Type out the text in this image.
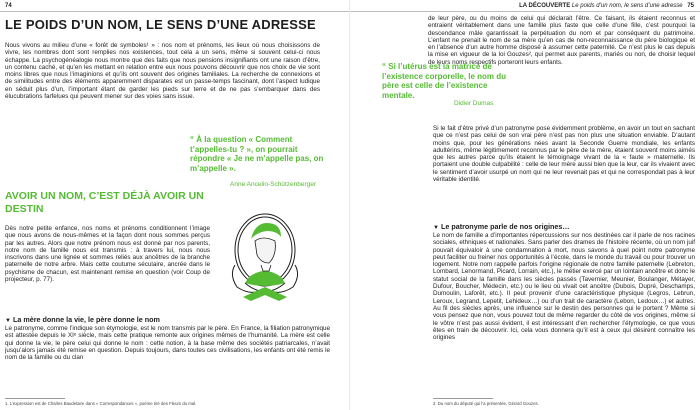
74
LE POIDS D’UN NOM, LE SENS D’UNE ADRESSE

Nous vivons au milieu d’une « forêt de symboles¹ » : nos nom et prénoms, les lieux où nous choisissons de vivre, les nombres dont sont remplies nos existences, tout cela a un sens, même si souvent celui-ci nous échappe. La psychogénéalogie nous montre que des faits que nous pensions insignifiants ont une raison d’être, un contenu caché, et qu’en les mettant en relation entre eux nous pouvons découvrir que nos choix de vie sont moins libres que nous l’imaginions et qu’ils ont souvent des origines familiales. La recherche de connexions et de similitudes entre des éléments apparemment disparates est un passe-temps fascinant, dont l’aspect ludique en séduit plus d’un, l’important étant de garder les pieds sur terre et de ne pas s’embarquer dans des élucubrations farfelues qui peuvent mener sur des voies sans issue.

“ À la question « Comment t’appelles-tu ? », on pourrait répondre « Je ne m’appelle pas, on m’appelle ».

Anne Ancelin-Schützenberger

AVOIR UN NOM, C’EST DÉJÀ AVOIR UN DESTIN

Dès notre petite enfance, nos noms et prénoms conditionnent l’image que nous avons de nous-mêmes et la façon dont nous sommes perçus par les autres. Alors que notre prénom nous est donné par nos parents, notre nom de famille nous est transmis : à travers lui, nous nous inscrivons dans une lignée et sommes reliés aux ancêtres de la branche paternelle de notre arbre. Mais cette coutume séculaire, ancrée dans le psychisme de chacun, est maintenant remise en question (voir Coup de projecteur, p. 77).

▼ La mère donne la vie, le père donne le nom

Le patronyme, comme l’indique son étymologie, est le nom transmis par le père. En France, la filiation patronymique est attestée depuis le XIᵉ siècle, mais cette pratique remonte aux origines mêmes de l’humanité. La mère est celle qui donne la vie, le père celui qui donne le nom : cette notion, à la base même des sociétés patriarcales, n’avait jusqu’alors jamais été remise en question. Depuis toujours, dans toutes ces civilisations, les enfants ont été remis le nom de la famille ou du clan

1. L’expression est de Charles Baudelaire dans « Correspondances », poème tiré des Fleurs du mal.

LA DÉCOUVERTE Le poids d’un nom, le sens d’une adresse 75

de leur père, ou du moins de celui qui déclarait l’être. Ce faisant, ils étaient reconnus et entraient véritablement dans une famille plus faste que celle d’une fille, c’est pourquoi la descendance mâle garantissait la perpétuation du nom et par conséquent du patrimoine. L’enfant ne prenait le nom de sa mère qu’en cas de non-reconnaissance du père biologique et en l’absence d’un autre homme disposé à assumer cette paternité. Ce n’est plus le cas depuis la mise en vigueur de la loi Gouzes², qui permet aux parents, mariés ou non, de choisir lequel de leurs noms respectifs porteront leurs enfants.

“ Si l’utérus est la matrice de l’existence corporelle, le nom du père est celle de l’existence mentale.

Didier Dumas

Si le fait d’être privé d’un patronyme pose évidemment problème, en avoir un tout en sachant que ce n’est pas celui de son vrai père n’est pas non plus une situation enviable. D’autant moins que, pour les générations nées avant la Seconde Guerre mondiale, les enfants adultérins, même légitimement reconnus par le père de la mère, étaient souvent moins aimés que les autres parce qu’ils étaient le témoignage vivant de la « faute » maternelle. Ils portaient une double culpabilité : celle de leur mère aussi bien que la leur, car ils vivaient avec le sentiment d’avoir usurpé un nom qui ne leur revenait pas et qui ne correspondait pas à leur véritable identité.

▼ Le patronyme parle de nos origines…

Le nom de famille a d’importantes répercussions sur nos destinées car il parle de nos racines sociales, ethniques et nationales. Sans parler des drames de l’histoire récente, où un nom juif pouvait équivaloir à une condamnation à mort, nous savons à quel point notre patronyme peut faciliter ou freiner nos opportunités à l’école, dans le monde du travail ou pour trouver un logement. Notre nom rappelle parfois l’origine régionale de notre famille paternelle (Lebreton, Lombard, Lenormand, Picard, Lorrain, etc.), le métier exercé par un lointain ancêtre et donc le statut social de la famille dans les siècles passés (Tavernier, Meunier, Boulanger, Métayer, Dufour, Boucher, Médecin, etc.) ou le lieu où vivait cet ancêtre (Dubois, Dupré, Deschamps, Dumoulin, Laforêt, etc.). Il peut provenir d’une caractéristique physique (Legros, Lebrun, Leroux, Legrand, Lepetit, Lehideux…) ou d’un trait de caractère (Lebon, Ledoux…) et autres. Au fil des siècles après, une influence sur le destin des personnes qui le portent ? Même si vous pensez que non, vous pouvez tout de même regarder du côté de vos origines, même si le vôtre n’est pas aussi évident, il est intéressant d’en rechercher l’étymologie, ce que vous êtes en train de découvrir. Ici, cela vous donnera qu’il est à ceux qui désirent connaître les origines

2. Du nom du député qui l’a présentée, Gérard Gouzes.
